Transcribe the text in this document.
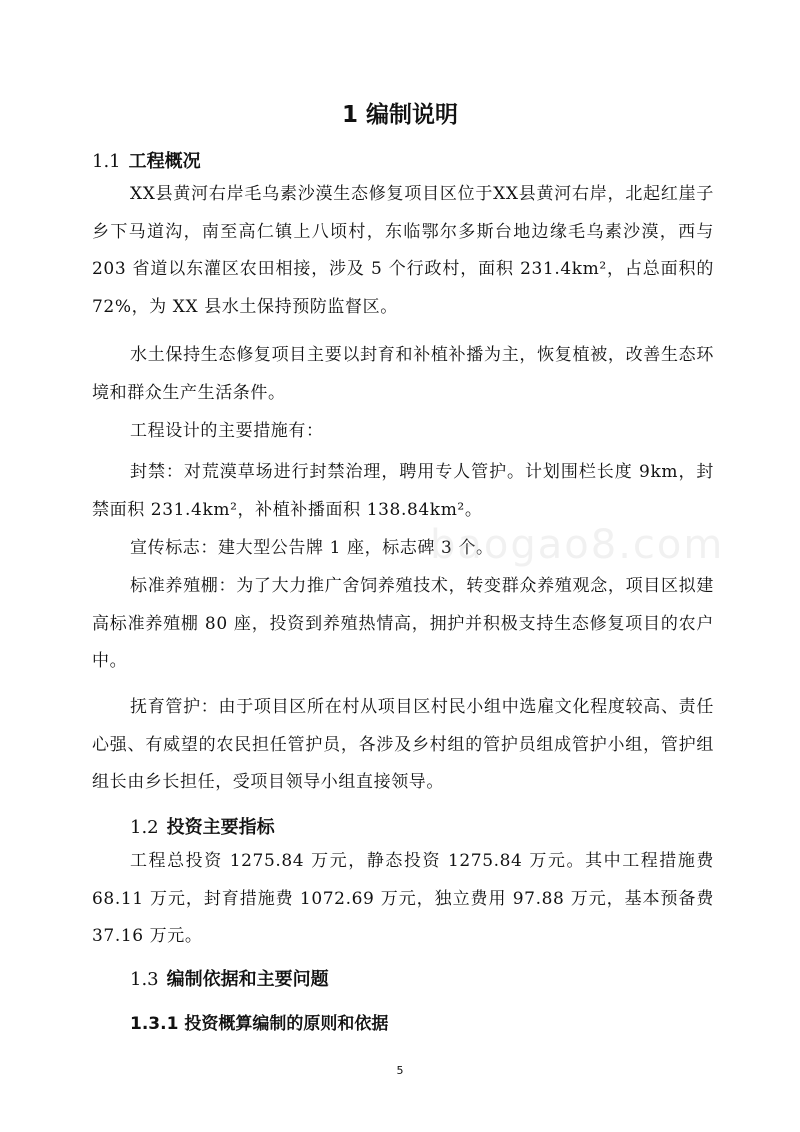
1 编制说明
1.1 工程概况
XX县黄河右岸毛乌素沙漠生态修复项目区位于XX县黄河右岸，北起红崖子乡下马道沟，南至高仁镇上八顷村，东临鄂尔多斯台地边缘毛乌素沙漠，西与 203 省道以东灌区农田相接，涉及 5 个行政村，面积 231.4km²，占总面积的 72%，为 XX 县水土保持预防监督区。
水土保持生态修复项目主要以封育和补植补播为主，恢复植被，改善生态环境和群众生产生活条件。
工程设计的主要措施有：
封禁：对荒漠草场进行封禁治理，聘用专人管护。计划围栏长度 9km，封禁面积 231.4km²，补植补播面积 138.84km²。
宣传标志：建大型公告牌 1 座，标志碑 3 个。
标准养殖棚：为了大力推广舍饲养殖技术，转变群众养殖观念，项目区拟建高标准养殖棚 80 座，投资到养殖热情高，拥护并积极支持生态修复项目的农户中。
抚育管护：由于项目区所在村从项目区村民小组中选雇文化程度较高、责任心强、有威望的农民担任管护员，各涉及乡村组的管护员组成管护小组，管护组组长由乡长担任，受项目领导小组直接领导。
1.2 投资主要指标
工程总投资 1275.84 万元，静态投资 1275.84 万元。其中工程措施费 68.11 万元，封育措施费 1072.69 万元，独立费用 97.88 万元，基本预备费 37.16 万元。
1.3 编制依据和主要问题
1.3.1 投资概算编制的原则和依据
baogao8.com
5
